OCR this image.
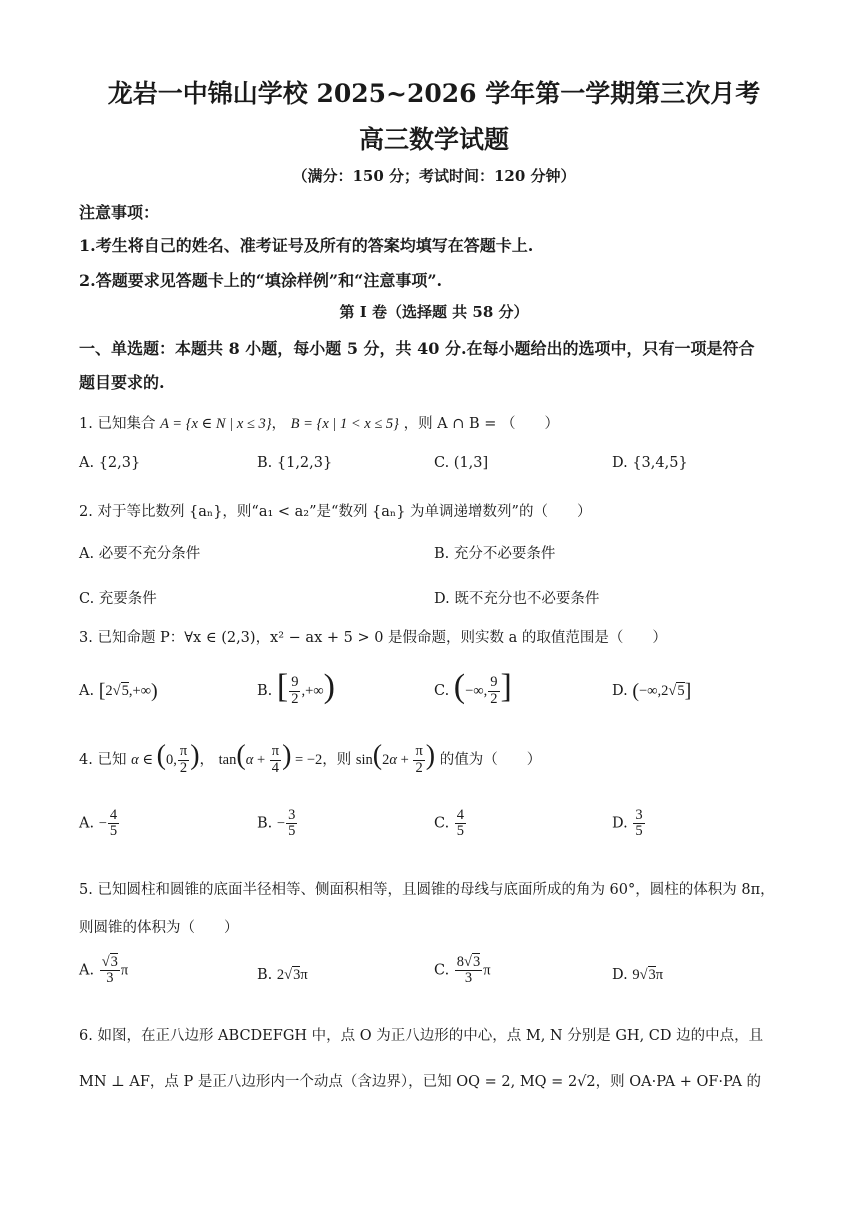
龙岩一中锦山学校 2025~2026 学年第一学期第三次月考
高三数学试题
（满分：150 分；考试时间：120 分钟）
注意事项：
1.考生将自己的姓名、准考证号及所有的答案均填写在答题卡上.
2.答题要求见答题卡上的“填涂样例”和“注意事项”.
第 I 卷（选择题 共 58 分）
一、单选题：本题共 8 小题，每小题 5 分，共 40 分.在每小题给出的选项中，只有一项是符合
题目要求的.
1. 已知集合 A = {x ∈ N | x ≤ 3}， B = {x | 1 < x ≤ 5} ，则 A ∩ B = （　　）
A. {2,3}	B. {1,2,3}	C. (1,3]	D. {3,4,5}
2. 对于等比数列 {aₙ}，则“a₁ < a₂”是“数列 {aₙ} 为单调递增数列”的（　　）
A. 必要不充分条件	B. 充分不必要条件
C. 充要条件	D. 既不充分也不必要条件
3. 已知命题 P：∀x ∈ (2,3)，x² − ax + 5 > 0 是假命题，则实数 a 的取值范围是（　　）
A. [2√5,+∞)	B. [ $\frac{9}{2}$ ,+∞)	C. (−∞, $\frac{9}{2}$ ]	D. (−∞,2√5]
4. 已知 α ∈ (0, $\frac{\pi}{2}$ )， $\tan(\alpha + \frac{\pi}{4}$ ) = −2，则 $\sin(2\alpha + \frac{\pi}{2}$ ) 的值为（　　）
A. − $\frac{4}{5}$	B. − $\frac{3}{5}$	C. $\frac{4}{5}$	D. $\frac{3}{5}$
5. 已知圆柱和圆锥的底面半径相等、侧面积相等，且圆锥的母线与底面所成的角为 60°，圆柱的体积为 8π，
则圆锥的体积为（　　）
A. $\frac{√3}{3}$ π	B. 2√3π	C. $\frac{8√3}{3}$ π	D. 9√3π
6. 如图，在正八边形 ABCDEFGH 中，点 O 为正八边形的中心，点 M, N 分别是 GH, CD 边的中点，且
MN ⊥ AF，点 P 是正八边形内一个动点（含边界），已知 OQ = 2, MQ = 2√2，则 OA·PA + OF·PA 的
